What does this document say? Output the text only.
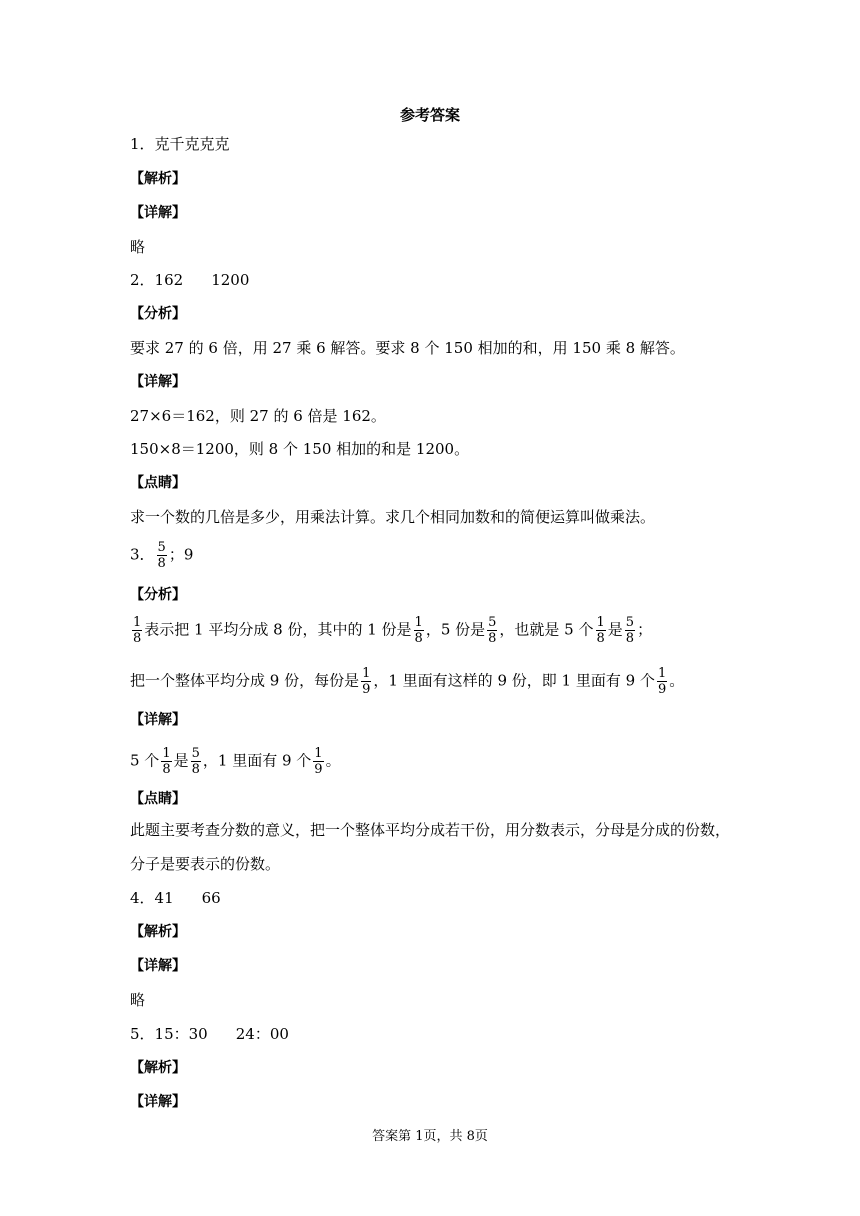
参考答案
1．克千克克克
【解析】
【详解】
略
2．162 1200
【分析】
要求 27 的 6 倍，用 27 乘 6 解答。要求 8 个 150 相加的和，用 150 乘 8 解答。
【详解】
27×6＝162，则 27 的 6 倍是 162。
150×8＝1200，则 8 个 150 相加的和是 1200。
【点睛】
求一个数的几倍是多少，用乘法计算。求几个相同加数和的简便运算叫做乘法。
3． $\frac{5}{8}$ ；9
【分析】
$\frac{1}{8}$ 表示把 1 平均分成 8 份，其中的 1 份是 $\frac{1}{8}$ ，5 份是 $\frac{5}{8}$ ，也就是 5 个 $\frac{1}{8}$ 是 $\frac{5}{8}$ ；
把一个整体平均分成 9 份，每份是 $\frac{1}{9}$ ，1 里面有这样的 9 份，即 1 里面有 9 个 $\frac{1}{9}$ 。
【详解】
5 个 $\frac{1}{8}$ 是 $\frac{5}{8}$ ，1 里面有 9 个 $\frac{1}{9}$ 。
【点睛】
此题主要考查分数的意义，把一个整体平均分成若干份，用分数表示，分母是分成的份数，
分子是要表示的份数。
4．41 66
【解析】
【详解】
略
5．15：30 24：00
【解析】
【详解】
答案第 1页，共 8页
